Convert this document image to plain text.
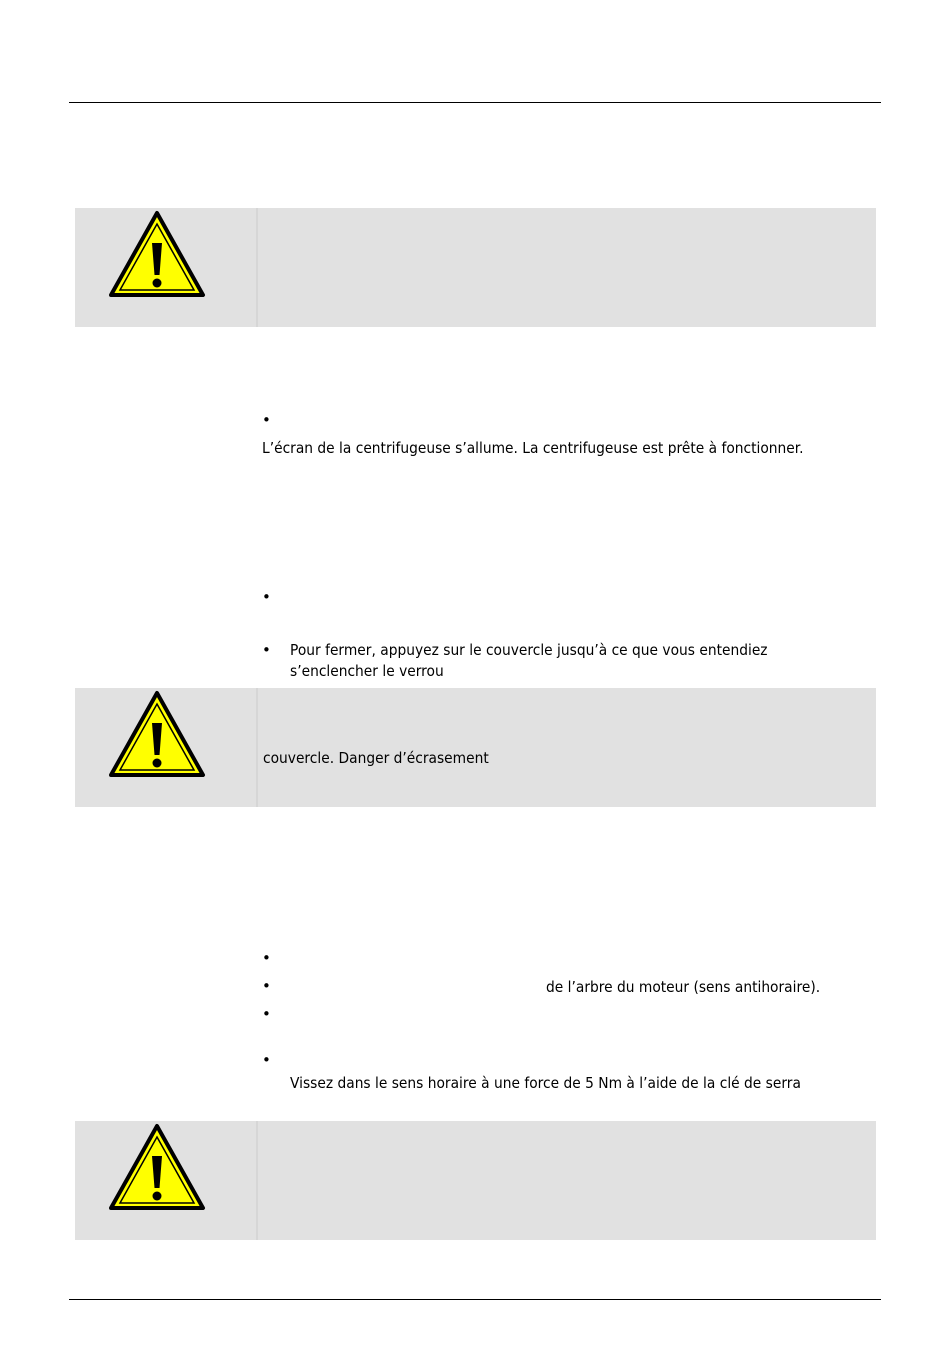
•
L’écran de la centrifugeuse s’allume. La centrifugeuse est prête à fonctionner.
•
• Pour fermer, appuyez sur le couvercle jusqu’à ce que vous entendiez
s’enclencher le verrou
couvercle. Danger d’écrasement
•
•	de l’arbre du moteur (sens antihoraire).
•
•
Vissez dans le sens horaire à une force de 5 Nm à l’aide de la clé de serra
